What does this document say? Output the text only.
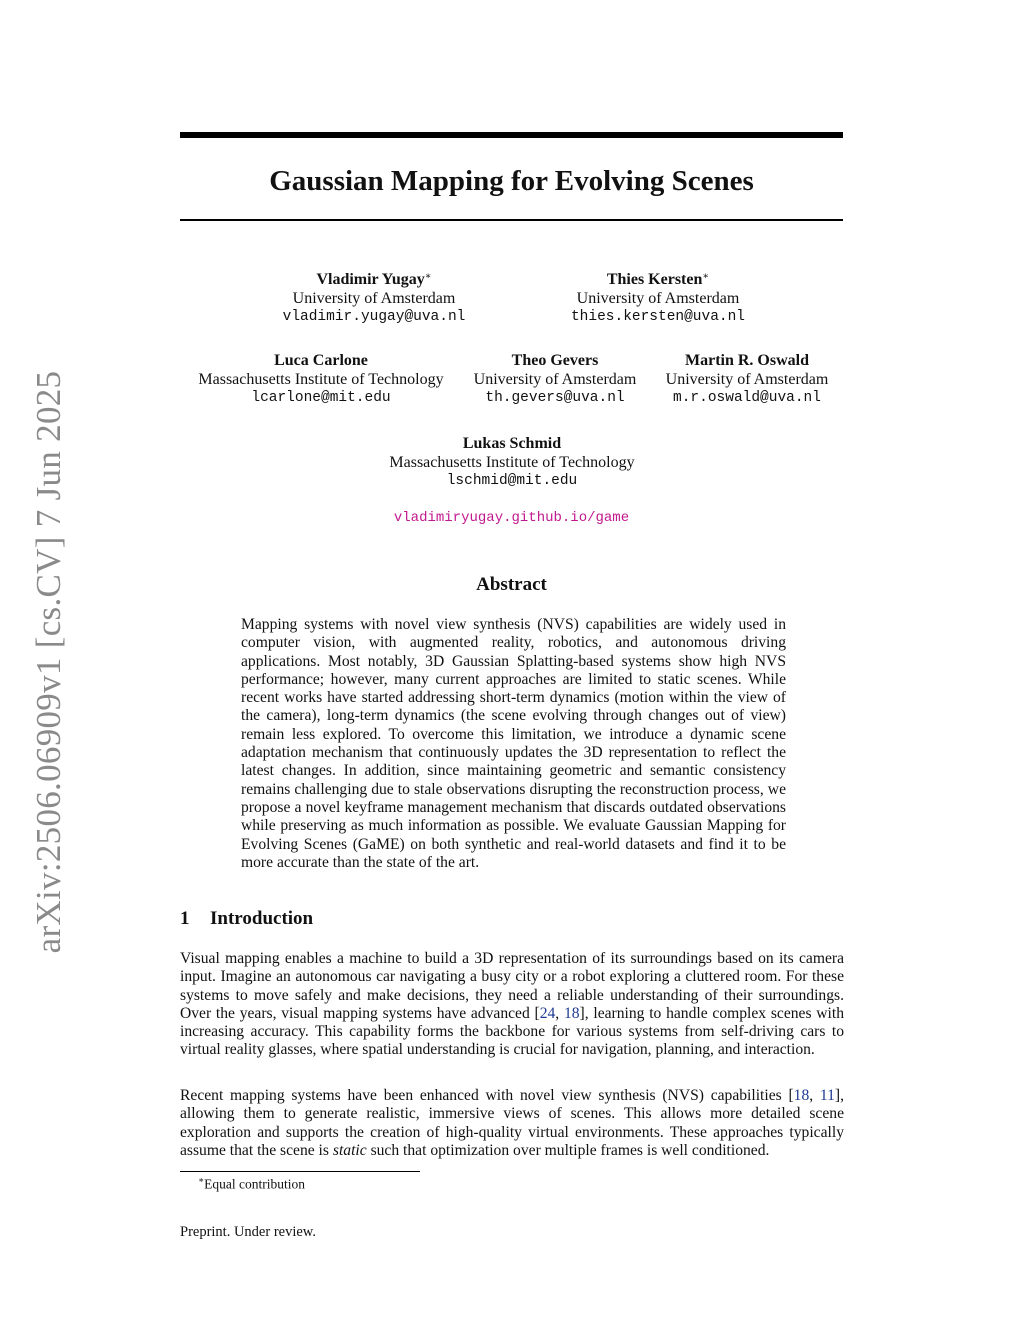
arXiv:2506.06909v1 [cs.CV] 7 Jun 2025
Gaussian Mapping for Evolving Scenes
Vladimir Yugay∗
University of Amsterdam
vladimir.yugay@uva.nl
Thies Kersten∗
University of Amsterdam
thies.kersten@uva.nl
Luca Carlone
Massachusetts Institute of Technology
lcarlone@mit.edu
Theo Gevers
University of Amsterdam
th.gevers@uva.nl
Martin R. Oswald
University of Amsterdam
m.r.oswald@uva.nl
Lukas Schmid
Massachusetts Institute of Technology
lschmid@mit.edu
vladimiryugay.github.io/game
Abstract
Mapping systems with novel view synthesis (NVS) capabilities are widely used in computer vision, with augmented reality, robotics, and autonomous driving applications. Most notably, 3D Gaussian Splatting-based systems show high NVS performance; however, many current approaches are limited to static scenes. While recent works have started addressing short-term dynamics (motion within the view of the camera), long-term dynamics (the scene evolving through changes out of view) remain less explored. To overcome this limitation, we introduce a dynamic scene adaptation mechanism that continuously updates the 3D representation to reflect the latest changes. In addition, since maintaining geometric and semantic consistency remains challenging due to stale observations disrupting the reconstruction process, we propose a novel keyframe management mechanism that discards outdated observations while preserving as much information as possible. We evaluate Gaussian Mapping for Evolving Scenes (GaME) on both synthetic and real-world datasets and find it to be more accurate than the state of the art.
1 Introduction
Visual mapping enables a machine to build a 3D representation of its surroundings based on its camera input. Imagine an autonomous car navigating a busy city or a robot exploring a cluttered room. For these systems to move safely and make decisions, they need a reliable understanding of their surroundings. Over the years, visual mapping systems have advanced [24, 18], learning to handle complex scenes with increasing accuracy. This capability forms the backbone for various systems from self-driving cars to virtual reality glasses, where spatial understanding is crucial for navigation, planning, and interaction.
Recent mapping systems have been enhanced with novel view synthesis (NVS) capabilities [18, 11], allowing them to generate realistic, immersive views of scenes. This allows more detailed scene exploration and supports the creation of high-quality virtual environments. These approaches typically assume that the scene is static such that optimization over multiple frames is well conditioned.
∗Equal contribution
Preprint. Under review.
